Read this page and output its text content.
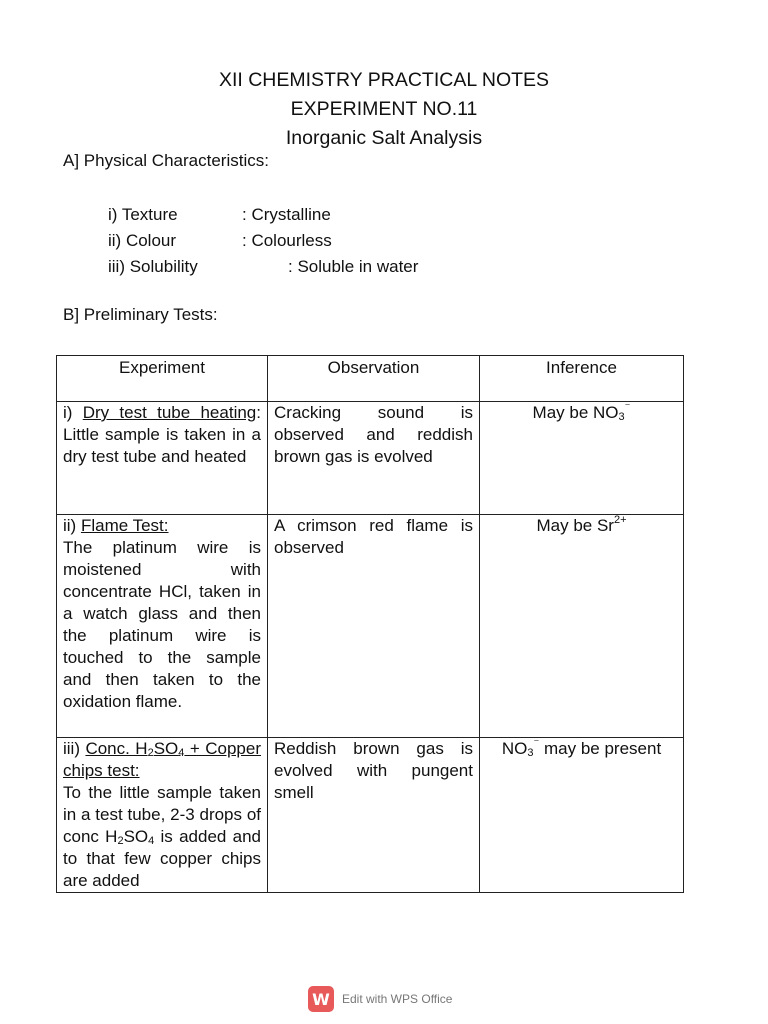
XII CHEMISTRY PRACTICAL NOTES
EXPERIMENT NO.11
Inorganic Salt Analysis
A] Physical Characteristics:
i) Texture	: Crystalline
ii) Colour	: Colourless
iii) Solubility	: Soluble in water
B] Preliminary Tests:
Experiment	Observation	Inference
i) Dry test tube heating: Little sample is taken in a dry test tube and heated	Cracking sound is observed and reddish brown gas is evolved	May be $NO_3^{^-}$
ii) Flame Test:
The platinum wire is moistened with concentrate HCl, taken in a watch glass and then the platinum wire is touched to the sample and then taken to the oxidation flame.	A crimson red flame is observed	May be $Sr^{2+}$
iii) Conc. $H_2SO_4$ + Copper chips test:
To the little sample taken in a test tube, 2-3 drops of conc $H_2SO_4$ is added and to that few copper chips are added	Reddish brown gas is evolved with pungent smell	$NO_3^{^-}$ may be present
W	Edit with WPS Office
